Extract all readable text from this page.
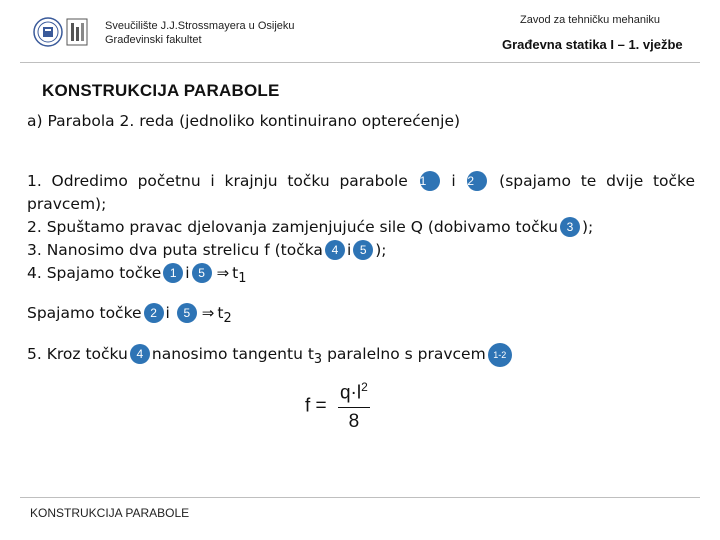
Sveučilište J.J.Strossmayera u Osijeku
Građevinski fakultet
Zavod za tehničku mehaniku
Građevna statika I – 1. vježbe
KONSTRUKCIJA PARABOLE
a) Parabola 2. reda (jednoliko kontinuirano opterećenje)

1. Odredimo početnu i krajnju točku parabole 1 i 2 (spajamo te dvije točke

pravcem);

2. Spuštamo pravac djelovanja zamjenjujuće sile Q (dobivamo točku 3 );

3. Nanosimo dva puta strelicu f (točka 4 i 5 );

4. Spajamo točke 1 i 5 ⇒ $t_1$

Spajamo točke 2 i 5 ⇒ $t_2$
5. Kroz točku 4 nanosimo tangentu $t_3$ paralelno s pravcem 1-2
$f = \frac{q\cdot l^2}{8}$
KONSTRUKCIJA PARABOLE
